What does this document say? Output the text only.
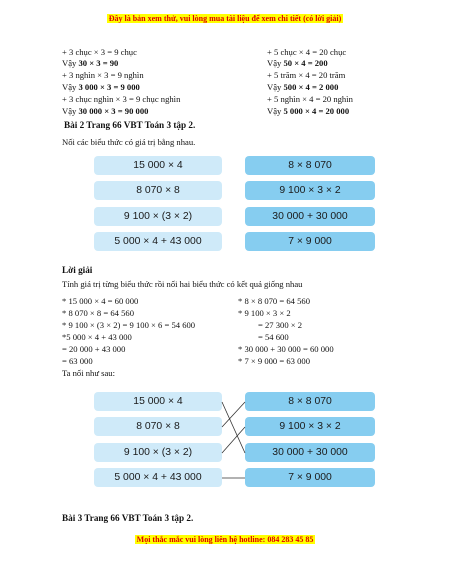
Đây là bản xem thử, vui lòng mua tài liệu để xem chi tiết (có lời giải)
+ 3 chục × 3 = 9 chục
Vậy 30 × 3 = 90
+ 3 nghìn × 3 = 9 nghìn
Vậy 3 000 × 3 = 9 000
+ 3 chục nghìn × 3 = 9 chục nghìn
Vậy 30 000 × 3 = 90 000
+ 5 chục × 4 = 20 chục
Vậy 50 × 4 = 200
+ 5 trăm × 4 = 20 trăm
Vậy 500 × 4 = 2 000
+ 5 nghìn × 4 = 20 nghìn
Vậy 5 000 × 4 = 20 000
Bài 2 Trang 66 VBT Toán 3 tập 2.
Nối các biểu thức có giá trị bằng nhau.
15 000 × 4
8 070 × 8
9 100 × (3 × 2)
5 000 × 4 + 43 000
8 × 8 070
9 100 × 3 × 2
30 000 + 30 000
7 × 9 000
Lời giải
Tính giá trị từng biểu thức rồi nối hai biểu thức có kết quả giống nhau
* 15 000 × 4 = 60 000
* 8 070 × 8 = 64 560
* 9 100 × (3 × 2) = 9 100 × 6 = 54 600
*5 000 × 4 + 43 000
= 20 000 + 43 000
= 63 000
* 8 × 8 070 = 64 560
* 9 100 × 3 × 2
= 27 300 × 2
= 54 600
* 30 000 + 30 000 = 60 000
* 7 × 9 000 = 63 000
Ta nối như sau:
15 000 × 4
8 070 × 8
9 100 × (3 × 2)
5 000 × 4 + 43 000
8 × 8 070
9 100 × 3 × 2
30 000 + 30 000
7 × 9 000
Bài 3 Trang 66 VBT Toán 3 tập 2.
Mọi thắc mắc vui lòng liên hệ hotline: 084 283 45 85
